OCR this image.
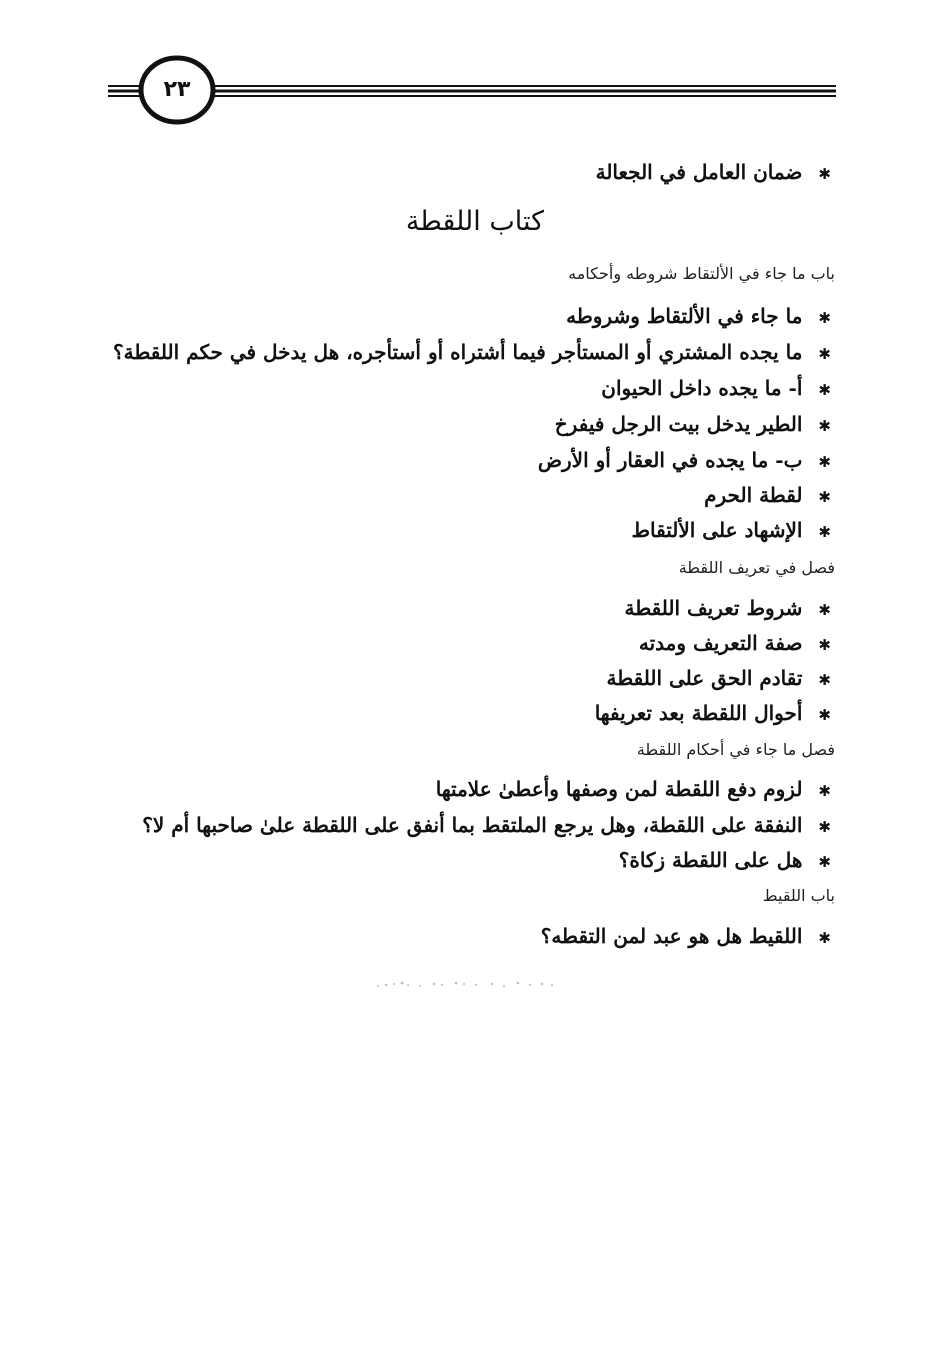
٢٣
✱ضمان العامل في الجعالة
باب ما جاء في الألتقاط شروطه وأحكامه
✱ما جاء في الألتقاط وشروطه
✱ما يجده المشتري أو المستأجر فيما أشتراه أو أستأجره، هل يدخل في حكم اللقطة؟
✱أ- ما يجده داخل الحيوان
✱الطير يدخل بيت الرجل فيفرخ
✱ب- ما يجده في العقار أو الأرض
✱لقطة الحرم
✱الإشهاد على الألتقاط
فصل في تعريف اللقطة
✱شروط تعريف اللقطة
✱صفة التعريف ومدته
✱تقادم الحق على اللقطة
✱أحوال اللقطة بعد تعريفها
فصل ما جاء في أحكام اللقطة
✱لزوم دفع اللقطة لمن وصفها وأعطىٰ علامتها
✱النفقة على اللقطة، وهل يرجع الملتقط بما أنفق على اللقطة علىٰ صاحبها أم لا؟
✱هل على اللقطة زكاة؟
باب اللقيط
✱اللقيط هل هو عبد لمن التقطه؟
كتاب اللقطة
